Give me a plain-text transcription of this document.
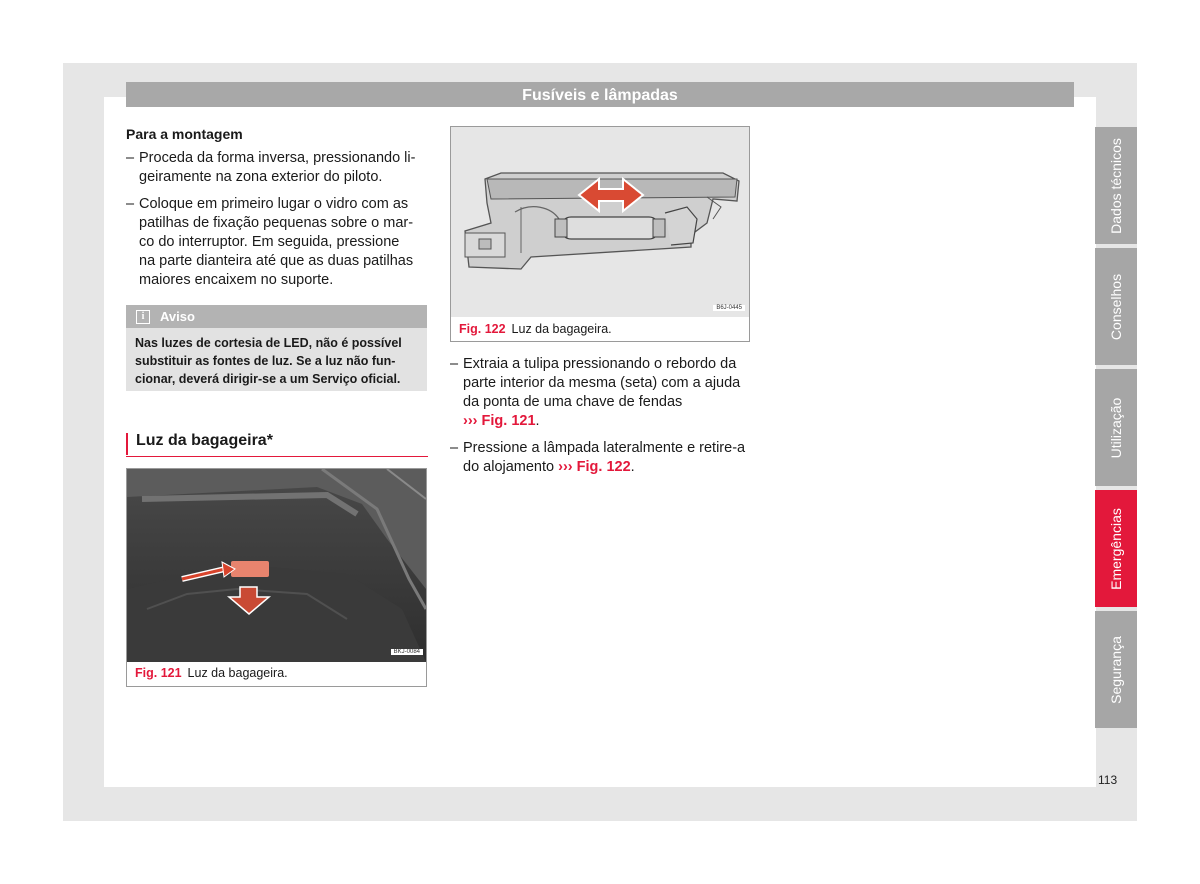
Fusíveis e lâmpadas
Para a montagem
– Proceda da forma inversa, pressionando li-
geiramente na zona exterior do piloto.
– Coloque em primeiro lugar o vidro com as
patilhas de fixação pequenas sobre o mar-
co do interruptor. Em seguida, pressione
na parte dianteira até que as duas patilhas
maiores encaixem no suporte.
i	Aviso
Nas luzes de cortesia de LED, não é possível
substituir as fontes de luz. Se a luz não fun-
cionar, deverá dirigir-se a um Serviço oficial.
Luz da bagageira*
BKJ-0084
Fig. 121 Luz da bagageira.
B6J-0445
Fig. 122 Luz da bagageira.
– Extraia a tulipa pressionando o rebordo da
parte interior da mesma (seta) com a ajuda
da ponta de uma chave de fendas
››› Fig. 121.
– Pressione a lâmpada lateralmente e retire-a
do alojamento ››› Fig. 122.
Dados técnicos
Conselhos
Utilização
Emergências
Segurança
113
